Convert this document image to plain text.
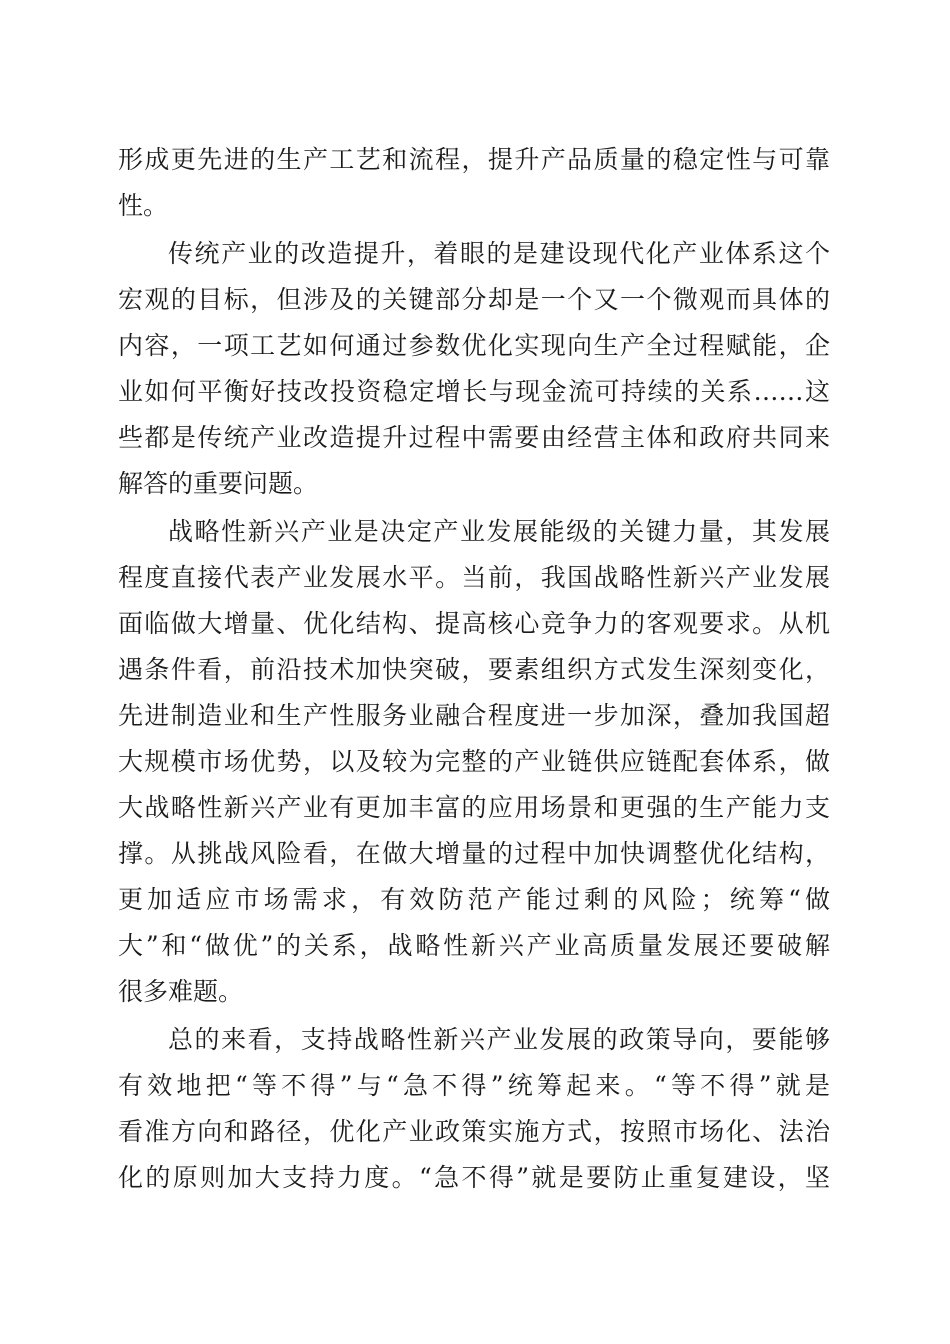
形成更先进的生产工艺和流程，提升产品质量的稳定性与可靠
性。
传统产业的改造提升，着眼的是建设现代化产业体系这个
宏观的目标，但涉及的关键部分却是一个又一个微观而具体的
内容，一项工艺如何通过参数优化实现向生产全过程赋能，企
业如何平衡好技改投资稳定增长与现金流可持续的关系……这
些都是传统产业改造提升过程中需要由经营主体和政府共同来
解答的重要问题。
战略性新兴产业是决定产业发展能级的关键力量，其发展
程度直接代表产业发展水平。当前，我国战略性新兴产业发展
面临做大增量、优化结构、提高核心竞争力的客观要求。从机
遇条件看，前沿技术加快突破，要素组织方式发生深刻变化，
先进制造业和生产性服务业融合程度进一步加深，叠加我国超
大规模市场优势，以及较为完整的产业链供应链配套体系，做
大战略性新兴产业有更加丰富的应用场景和更强的生产能力支
撑。从挑战风险看，在做大增量的过程中加快调整优化结构，
更加适应市场需求，有效防范产能过剩的风险；统筹“做
大”和“做优”的关系，战略性新兴产业高质量发展还要破解
很多难题。
总的来看，支持战略性新兴产业发展的政策导向，要能够
有效地把“等不得”与“急不得”统筹起来。“等不得”就是
看准方向和路径，优化产业政策实施方式，按照市场化、法治
化的原则加大支持力度。“急不得”就是要防止重复建设，坚
